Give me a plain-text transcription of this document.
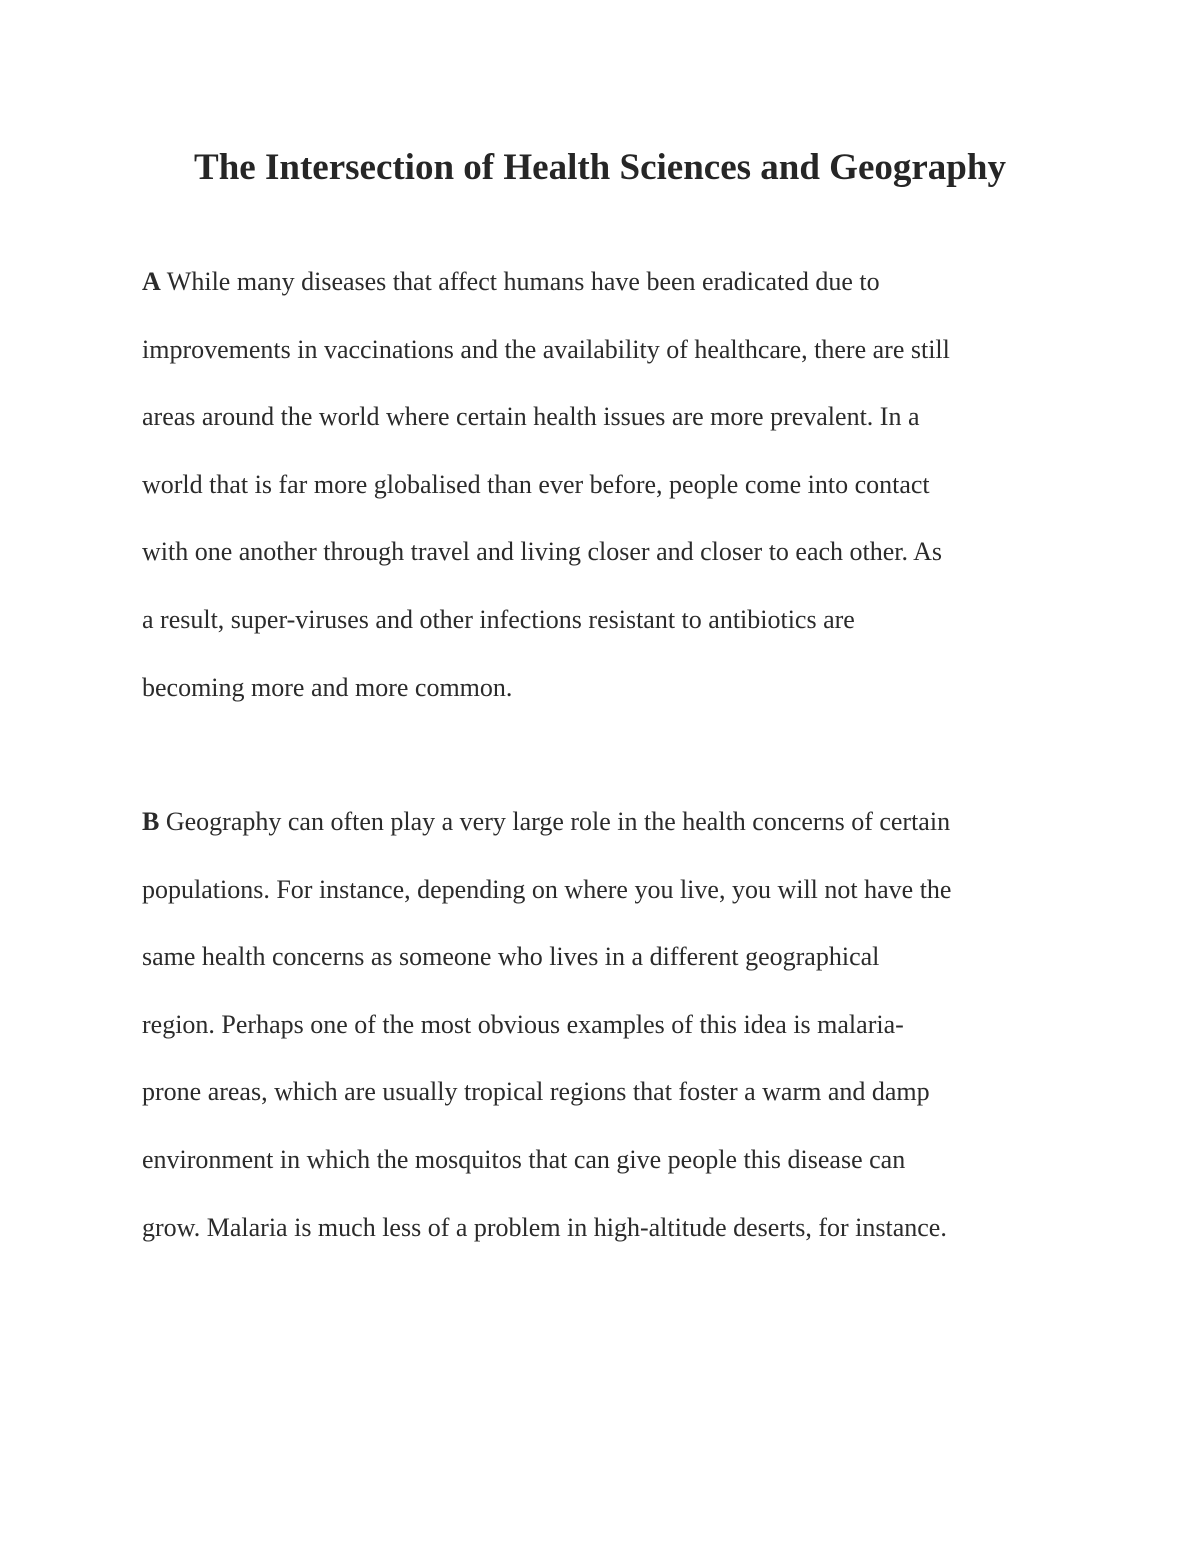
The Intersection of Health Sciences and Geography
A While many diseases that affect humans have been eradicated due to
improvements in vaccinations and the availability of healthcare, there are still
areas around the world where certain health issues are more prevalent. In a
world that is far more globalised than ever before, people come into contact
with one another through travel and living closer and closer to each other. As
a result, super-viruses and other infections resistant to antibiotics are
becoming more and more common.
B Geography can often play a very large role in the health concerns of certain
populations. For instance, depending on where you live, you will not have the
same health concerns as someone who lives in a different geographical
region. Perhaps one of the most obvious examples of this idea is malaria-
prone areas, which are usually tropical regions that foster a warm and damp
environment in which the mosquitos that can give people this disease can
grow. Malaria is much less of a problem in high-altitude deserts, for instance.
